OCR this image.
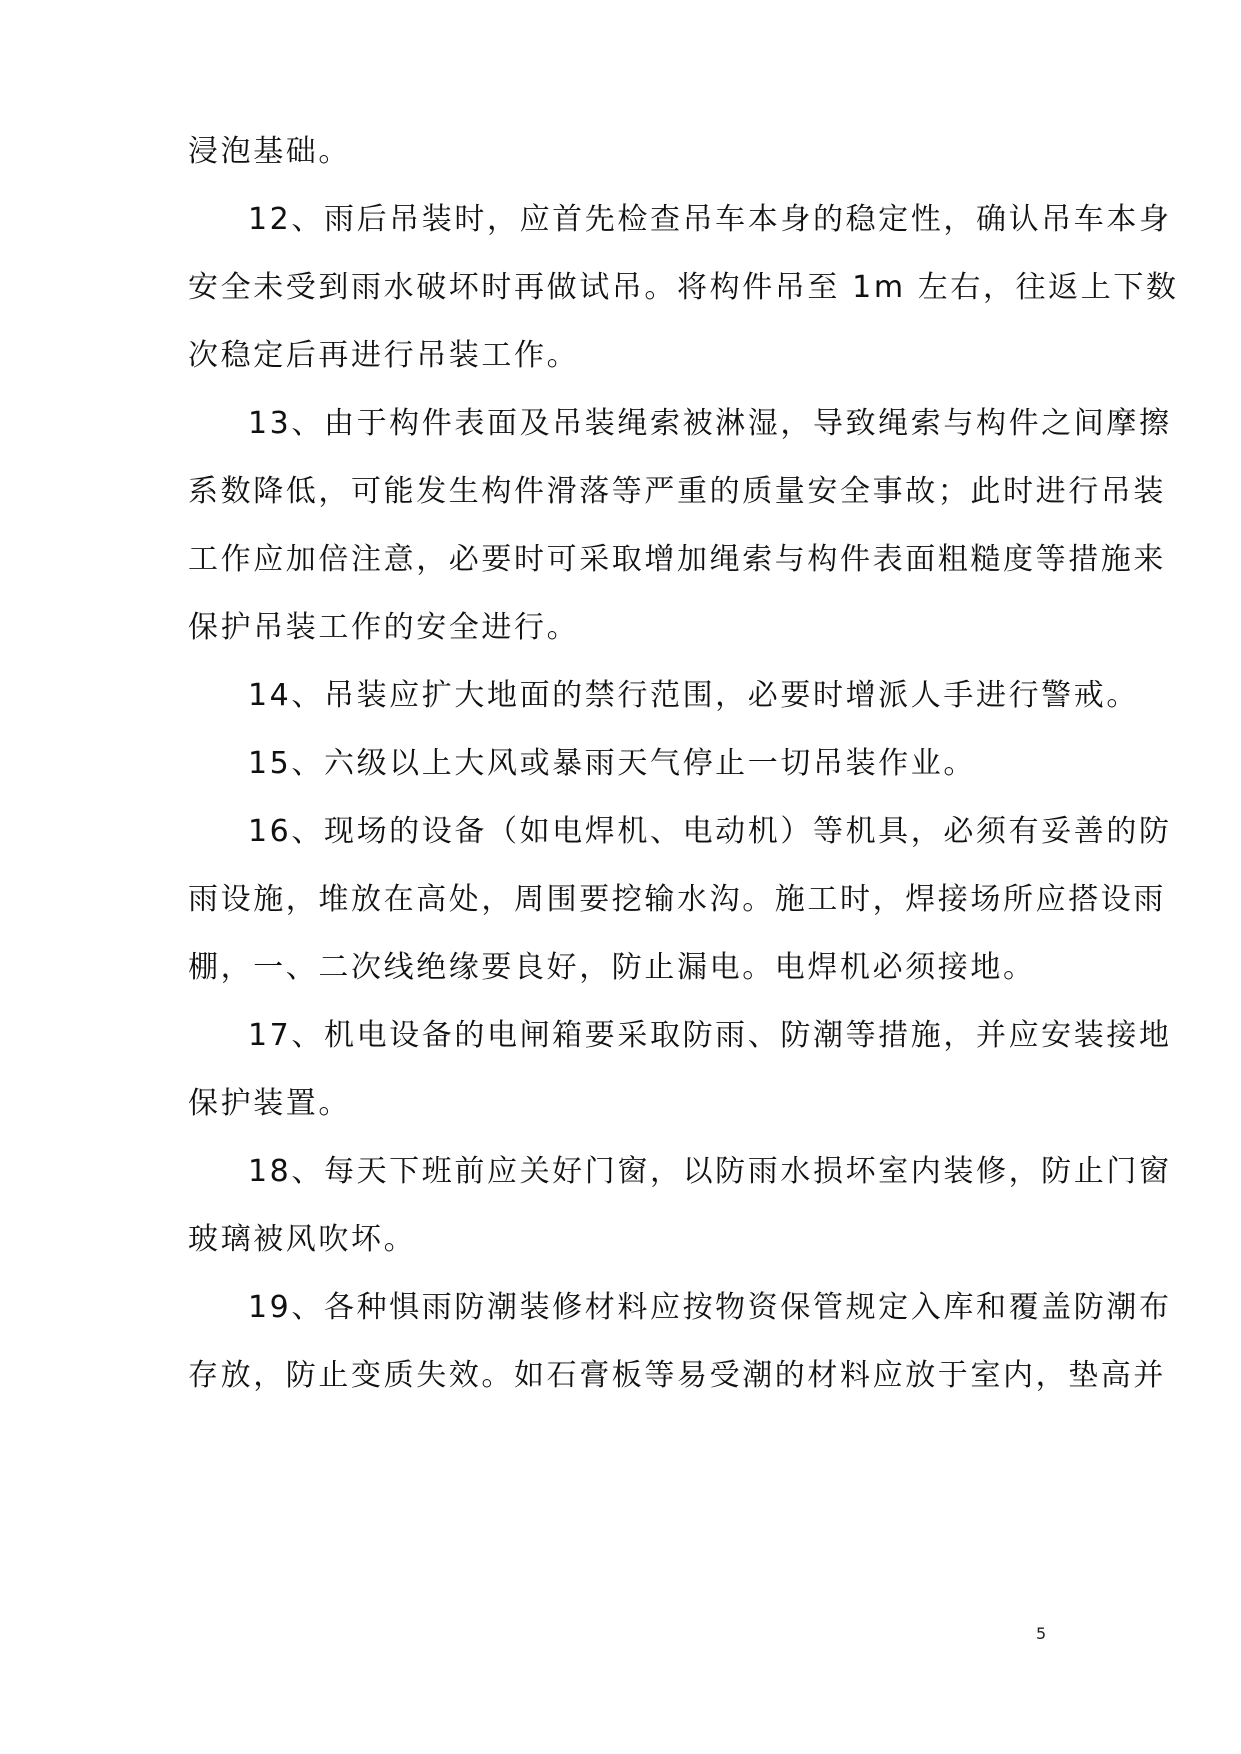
浸泡基础。
12、雨后吊装时，应首先检查吊车本身的稳定性，确认吊车本身
安全未受到雨水破坏时再做试吊。将构件吊至 1m 左右，往返上下数
次稳定后再进行吊装工作。
13、由于构件表面及吊装绳索被淋湿，导致绳索与构件之间摩擦
系数降低，可能发生构件滑落等严重的质量安全事故；此时进行吊装
工作应加倍注意，必要时可采取增加绳索与构件表面粗糙度等措施来
保护吊装工作的安全进行。
14、吊装应扩大地面的禁行范围，必要时增派人手进行警戒。
15、六级以上大风或暴雨天气停止一切吊装作业。
16、现场的设备（如电焊机、电动机）等机具，必须有妥善的防
雨设施，堆放在高处，周围要挖输水沟。施工时，焊接场所应搭设雨
棚，一、二次线绝缘要良好，防止漏电。电焊机必须接地。
17、机电设备的电闸箱要采取防雨、防潮等措施，并应安装接地
保护装置。
18、每天下班前应关好门窗，以防雨水损坏室内装修，防止门窗
玻璃被风吹坏。
19、各种惧雨防潮装修材料应按物资保管规定入库和覆盖防潮布
存放，防止变质失效。如石膏板等易受潮的材料应放于室内，垫高并
5
